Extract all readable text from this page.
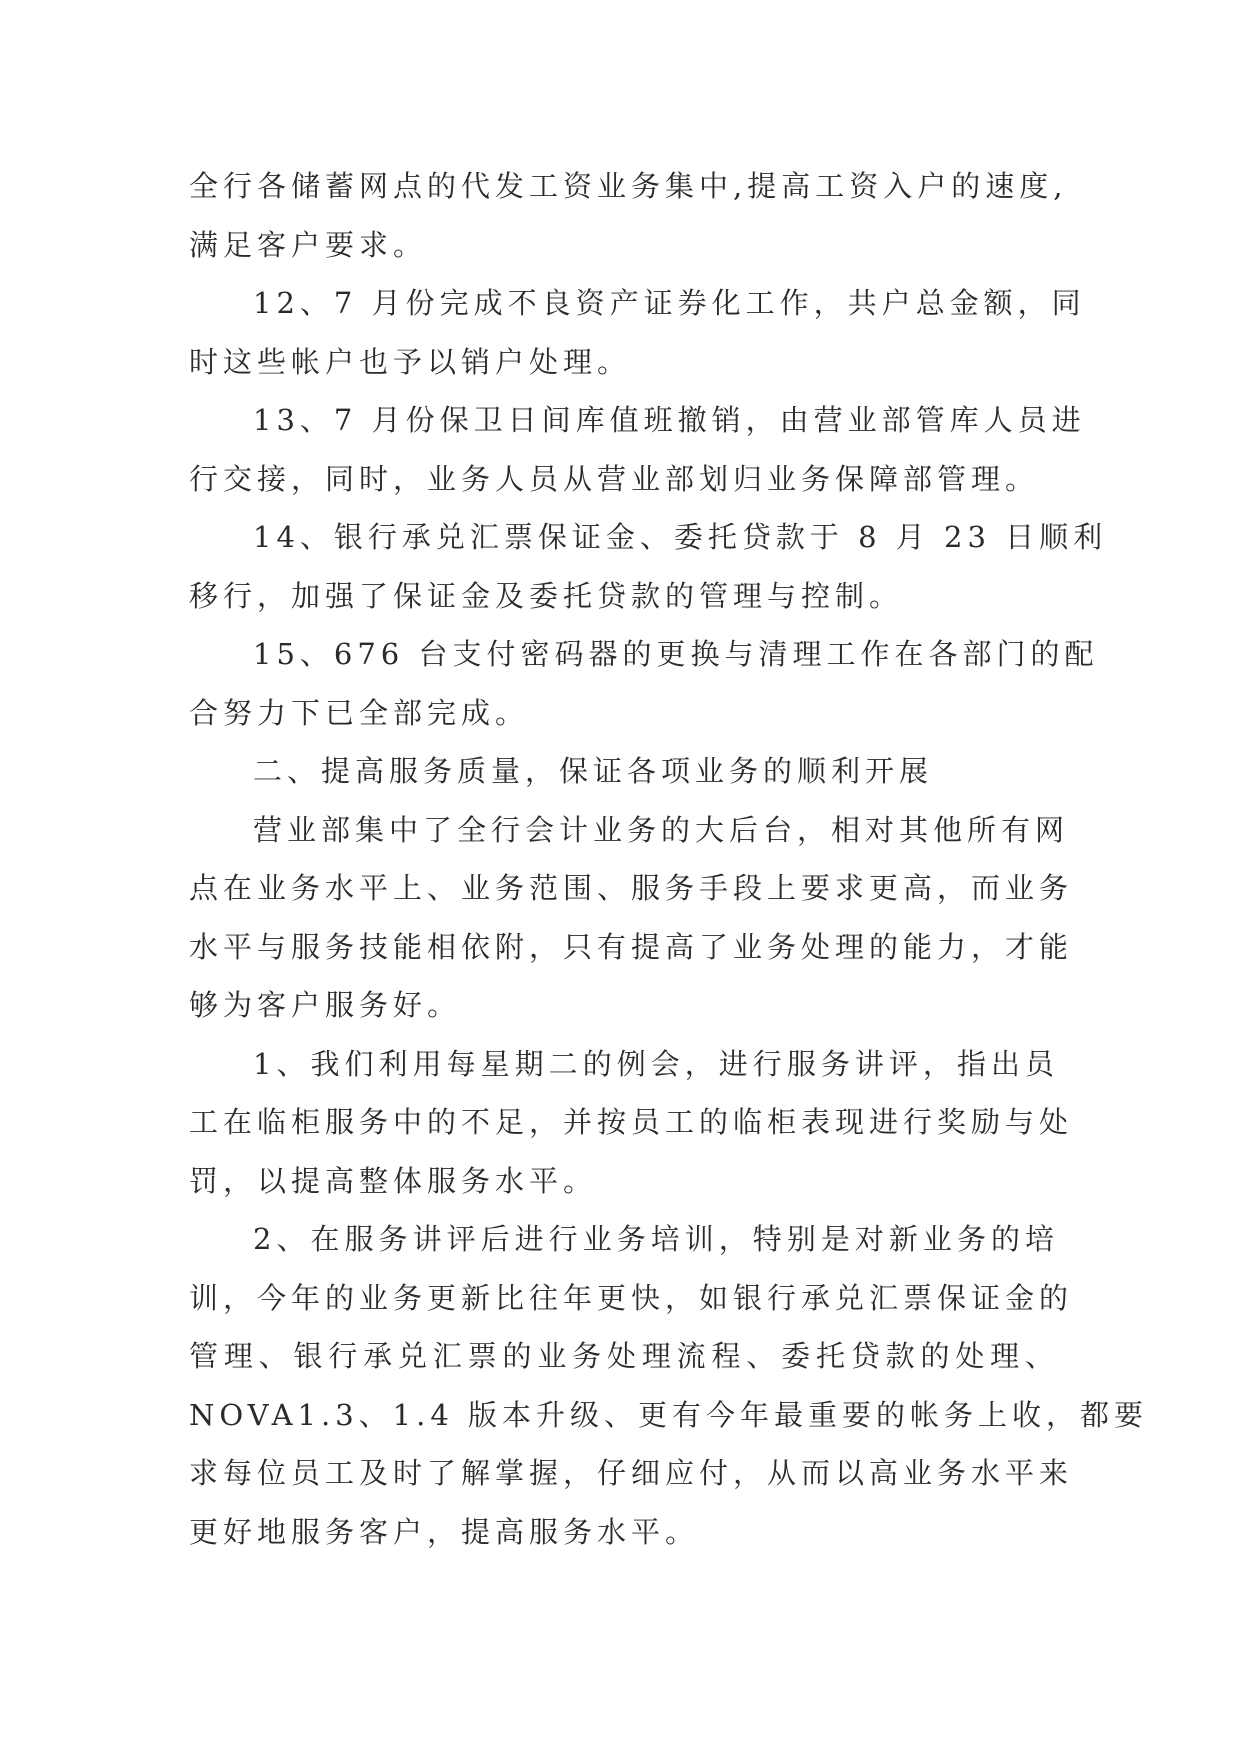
全行各储蓄网点的代发工资业务集中,提高工资入户的速度,
满足客户要求。

12、7 月份完成不良资产证券化工作，共户总金额，同
时这些帐户也予以销户处理。

13、7 月份保卫日间库值班撤销，由营业部管库人员进
行交接，同时，业务人员从营业部划归业务保障部管理。

14、银行承兑汇票保证金、委托贷款于 8 月 23 日顺利
移行，加强了保证金及委托贷款的管理与控制。

15、676 台支付密码器的更换与清理工作在各部门的配
合努力下已全部完成。

二、提高服务质量，保证各项业务的顺利开展

营业部集中了全行会计业务的大后台，相对其他所有网
点在业务水平上、业务范围、服务手段上要求更高，而业务
水平与服务技能相依附，只有提高了业务处理的能力，才能
够为客户服务好。

1、我们利用每星期二的例会，进行服务讲评，指出员
工在临柜服务中的不足，并按员工的临柜表现进行奖励与处
罚，以提高整体服务水平。

2、在服务讲评后进行业务培训，特别是对新业务的培
训，今年的业务更新比往年更快，如银行承兑汇票保证金的
管理、银行承兑汇票的业务处理流程、委托贷款的处理、
NOVA1.3、1.4 版本升级、更有今年最重要的帐务上收，都要
求每位员工及时了解掌握，仔细应付，从而以高业务水平来
更好地服务客户，提高服务水平。
